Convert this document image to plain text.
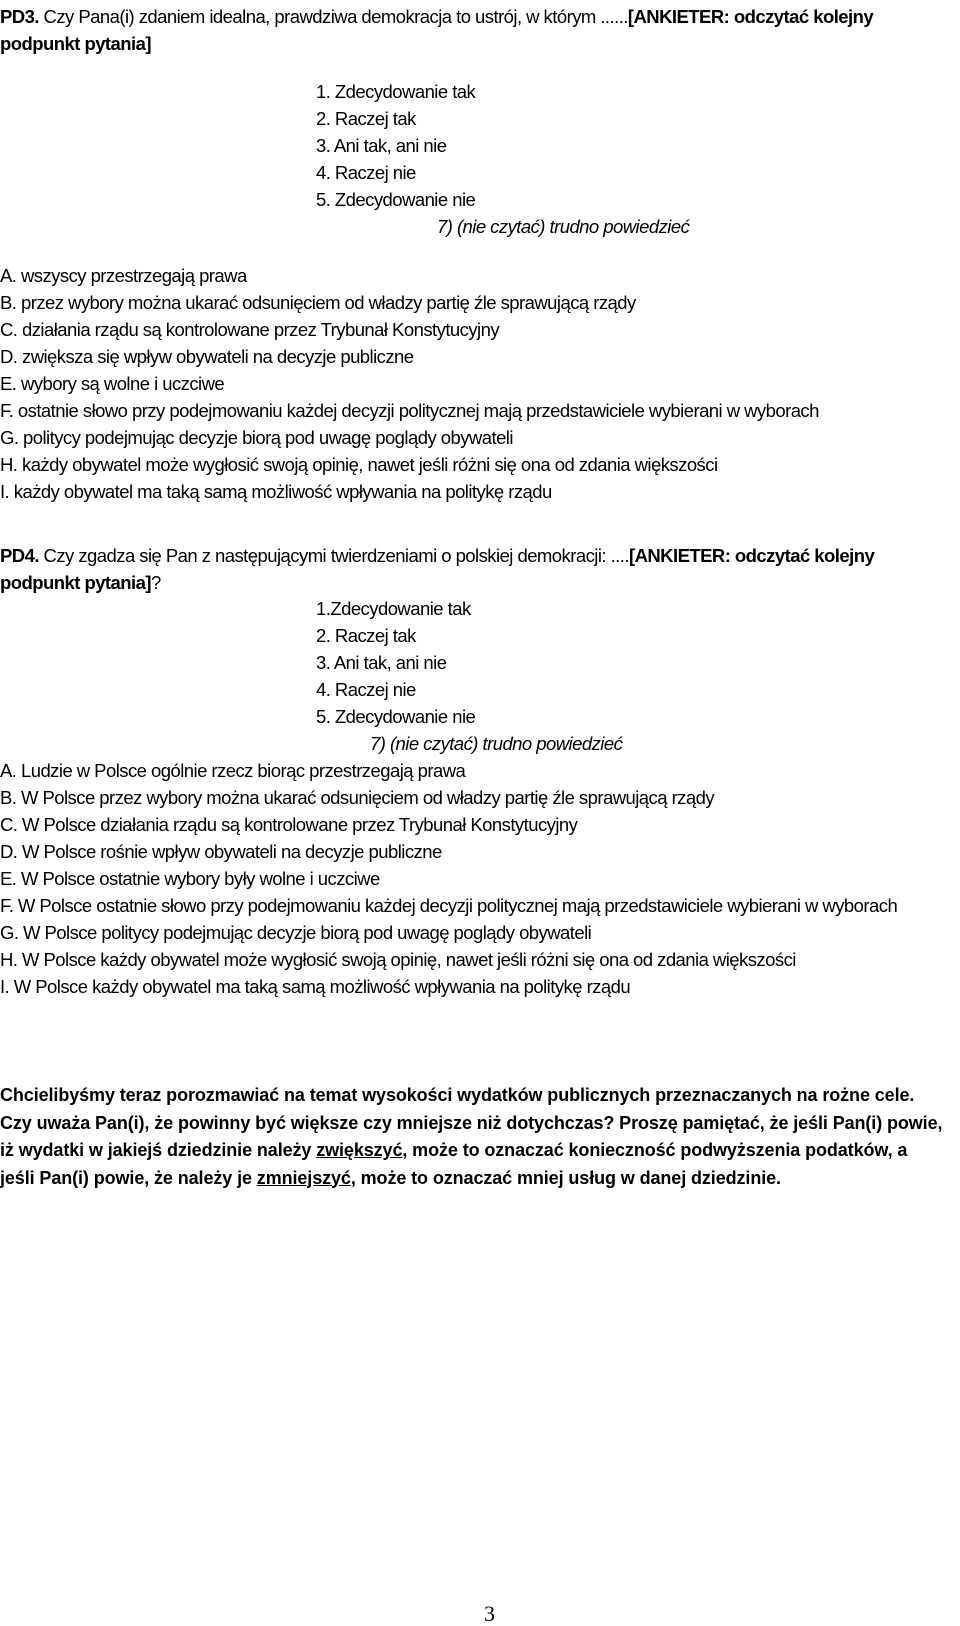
PD3. Czy Pana(i) zdaniem idealna, prawdziwa demokracja to ustrój, w którym ......[ANKIETER: odczytać kolejny podpunkt pytania]
1. Zdecydowanie tak
2. Raczej tak
3. Ani tak, ani nie
4. Raczej nie
5. Zdecydowanie nie
7) (nie czytać) trudno powiedzieć
A. wszyscy przestrzegają prawa
B. przez wybory można ukarać odsunięciem od władzy partię źle sprawującą rządy
C. działania rządu są kontrolowane przez Trybunał Konstytucyjny
D. zwiększa się wpływ obywateli na decyzje publiczne
E. wybory są wolne i uczciwe
F. ostatnie słowo przy podejmowaniu każdej decyzji politycznej mają przedstawiciele wybierani w wyborach
G. politycy podejmując decyzje biorą pod uwagę poglądy obywateli
H. każdy obywatel może wygłosić swoją opinię, nawet jeśli różni się ona od zdania większości
I. każdy obywatel ma taką samą możliwość wpływania na politykę rządu
PD4. Czy zgadza się Pan z następującymi twierdzeniami o polskiej demokracji: ....[ANKIETER: odczytać kolejny podpunkt pytania]?
1.Zdecydowanie tak
2. Raczej tak
3. Ani tak, ani nie
4. Raczej nie
5. Zdecydowanie nie
7) (nie czytać) trudno powiedzieć
A. Ludzie w Polsce ogólnie rzecz biorąc przestrzegają prawa
B. W Polsce przez wybory można ukarać odsunięciem od władzy partię źle sprawującą rządy
C. W Polsce działania rządu są kontrolowane przez Trybunał Konstytucyjny
D. W Polsce rośnie wpływ obywateli na decyzje publiczne
E. W Polsce ostatnie wybory były wolne i uczciwe
F. W Polsce ostatnie słowo przy podejmowaniu każdej decyzji politycznej mają przedstawiciele wybierani w wyborach
G. W Polsce politycy podejmując decyzje biorą pod uwagę poglądy obywateli
H. W Polsce każdy obywatel może wygłosić swoją opinię, nawet jeśli różni się ona od zdania większości
I. W Polsce każdy obywatel ma taką samą możliwość wpływania na politykę rządu
Chcielibyśmy teraz porozmawiać na temat wysokości wydatków publicznych przeznaczanych na rożne cele. Czy uważa Pan(i), że powinny być większe czy mniejsze niż dotychczas? Proszę pamiętać, że jeśli Pan(i) powie, iż wydatki w jakiejś dziedzinie należy zwiększyć, może to oznaczać konieczność podwyższenia podatków, a jeśli Pan(i) powie, że należy je zmniejszyć, może to oznaczać mniej usług w danej dziedzinie.
3
